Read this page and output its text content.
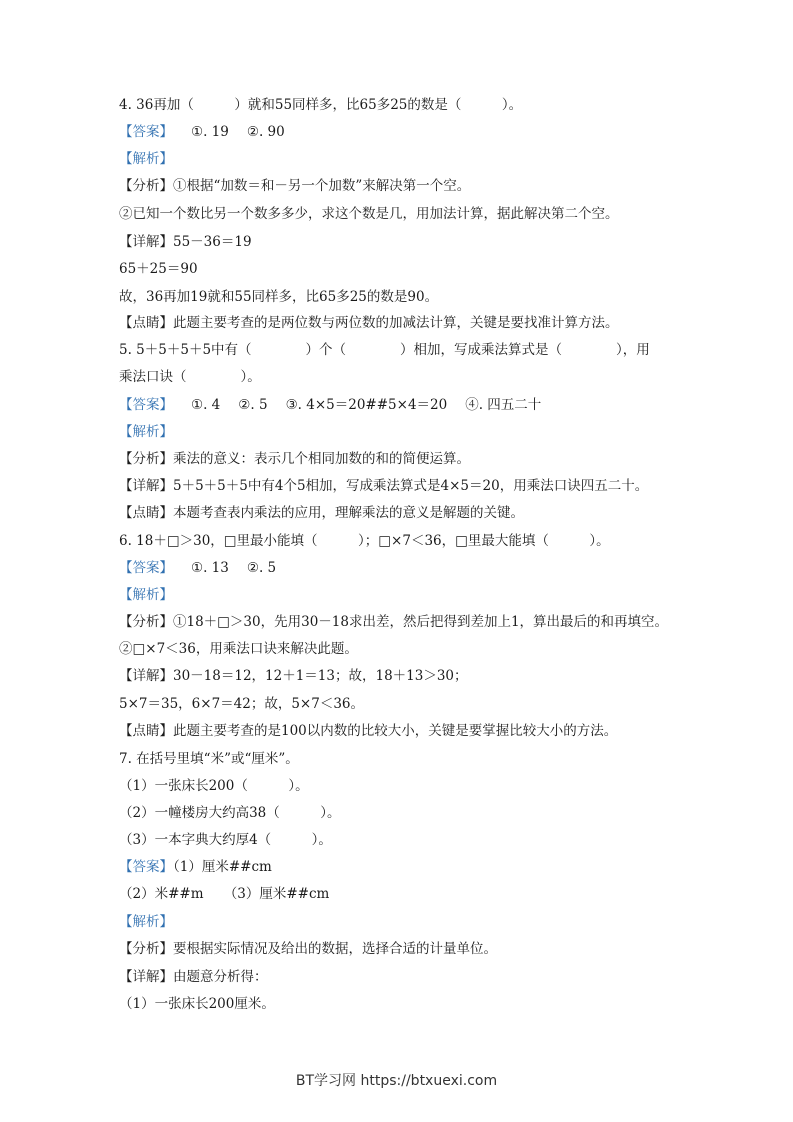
4. 36再加（　　　）就和55同样多，比65多25的数是（　　　）。
【答案】 ①. 19 ②. 90
【解析】
【分析】①根据“加数＝和－另一个加数”来解决第一个空。
②已知一个数比另一个数多多少，求这个数是几，用加法计算，据此解决第二个空。
【详解】55－36＝19
65＋25＝90
故，36再加19就和55同样多，比65多25的数是90。
【点睛】此题主要考查的是两位数与两位数的加减法计算，关键是要找准计算方法。
5. 5＋5＋5＋5中有（　　　　）个（　　　　）相加，写成乘法算式是（　　　　），用
乘法口诀（　　　　）。
【答案】 ①. 4 ②. 5 ③. 4×5＝20##5×4＝20 ④. 四五二十
【解析】
【分析】乘法的意义：表示几个相同加数的和的简便运算。
【详解】5＋5＋5＋5中有4个5相加，写成乘法算式是4×5＝20，用乘法口诀四五二十。
【点睛】本题考查表内乘法的应用，理解乘法的意义是解题的关键。
6. 18＋□＞30，□里最小能填（　　　）；□×7＜36，□里最大能填（　　　）。
【答案】 ①. 13 ②. 5
【解析】
【分析】①18＋□＞30，先用30－18求出差，然后把得到差加上1，算出最后的和再填空。
②□×7＜36，用乘法口诀来解决此题。
【详解】30－18＝12，12＋1＝13；故，18＋13＞30；
5×7＝35，6×7＝42；故，5×7＜36。
【点睛】此题主要考查的是100以内数的比较大小，关键是要掌握比较大小的方法。
7. 在括号里填“米”或“厘米”。
（1）一张床长200（　　　）。
（2）一幢楼房大约高38（　　　）。
（3）一本字典大约厚4（　　　）。
【答案】（1）厘米##cm
（2）米##m　　（3）厘米##cm
【解析】
【分析】要根据实际情况及给出的数据，选择合适的计量单位。
【详解】由题意分析得：
（1）一张床长200厘米。
BT学习网 https://btxuexi.com
